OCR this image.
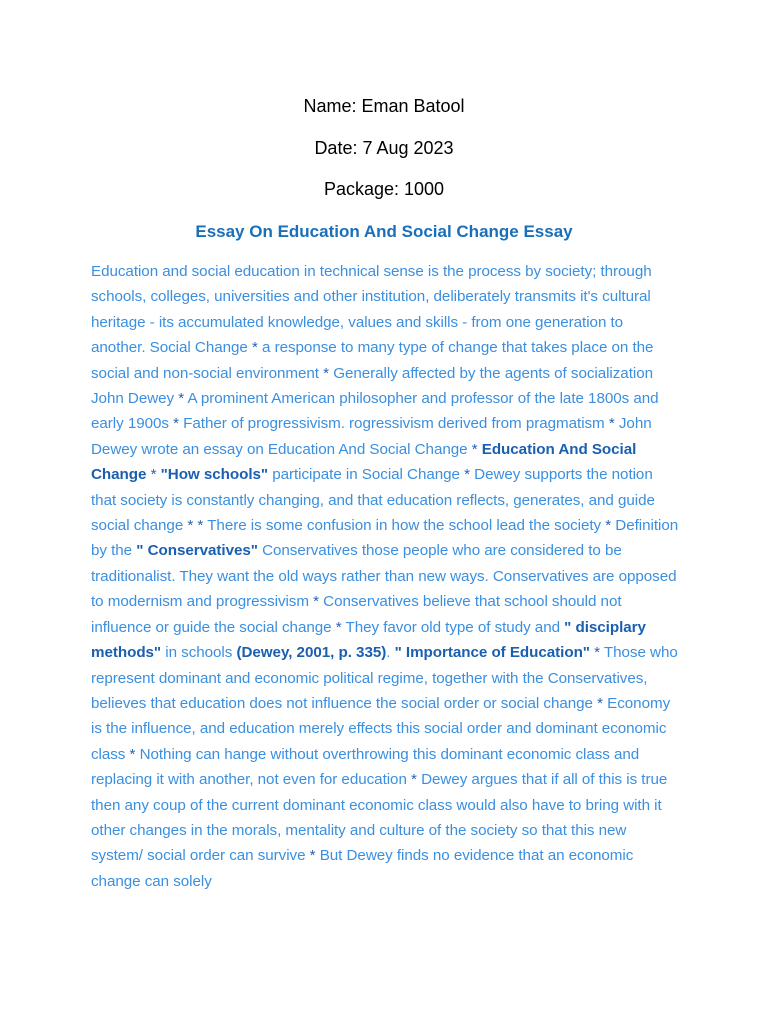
Name: Eman Batool
Date: 7 Aug 2023
Package: 1000
Essay On Education And Social Change Essay

Education and social education in technical sense is the process by society; through schools, colleges, universities and other institution, deliberately transmits it's cultural heritage - its accumulated knowledge, values and skills - from one generation to another. Social Change * a response to many type of change that takes place on the social and non-social environment * Generally affected by the agents of socialization John Dewey * A prominent American philosopher and professor of the late 1800s and early 1900s * Father of progressivism. rogressivism derived from pragmatism * John Dewey wrote an essay on Education And Social Change * Education And Social Change * "How schools" participate in Social Change * Dewey supports the notion that society is constantly changing, and that education reflects, generates, and guide social change * * There is some confusion in how the school lead the society * Definition by the " Conservatives" Conservatives those people who are considered to be traditionalist. They want the old ways rather than new ways. Conservatives are opposed to modernism and progressivism * Conservatives believe that school should not influence or guide the social change * They favor old type of study and " disciplary methods" in schools (Dewey, 2001, p. 335). " Importance of Education" * Those who represent dominant and economic political regime, together with the Conservatives, believes that education does not influence the social order or social change * Economy is the influence, and education merely effects this social order and dominant economic class * Nothing can hange without overthrowing this dominant economic class and replacing it with another, not even for education * Dewey argues that if all of this is true then any coup of the current dominant economic class would also have to bring with it other changes in the morals, mentality and culture of the society so that this new system/ social order can survive * But Dewey finds no evidence that an economic change can solely
